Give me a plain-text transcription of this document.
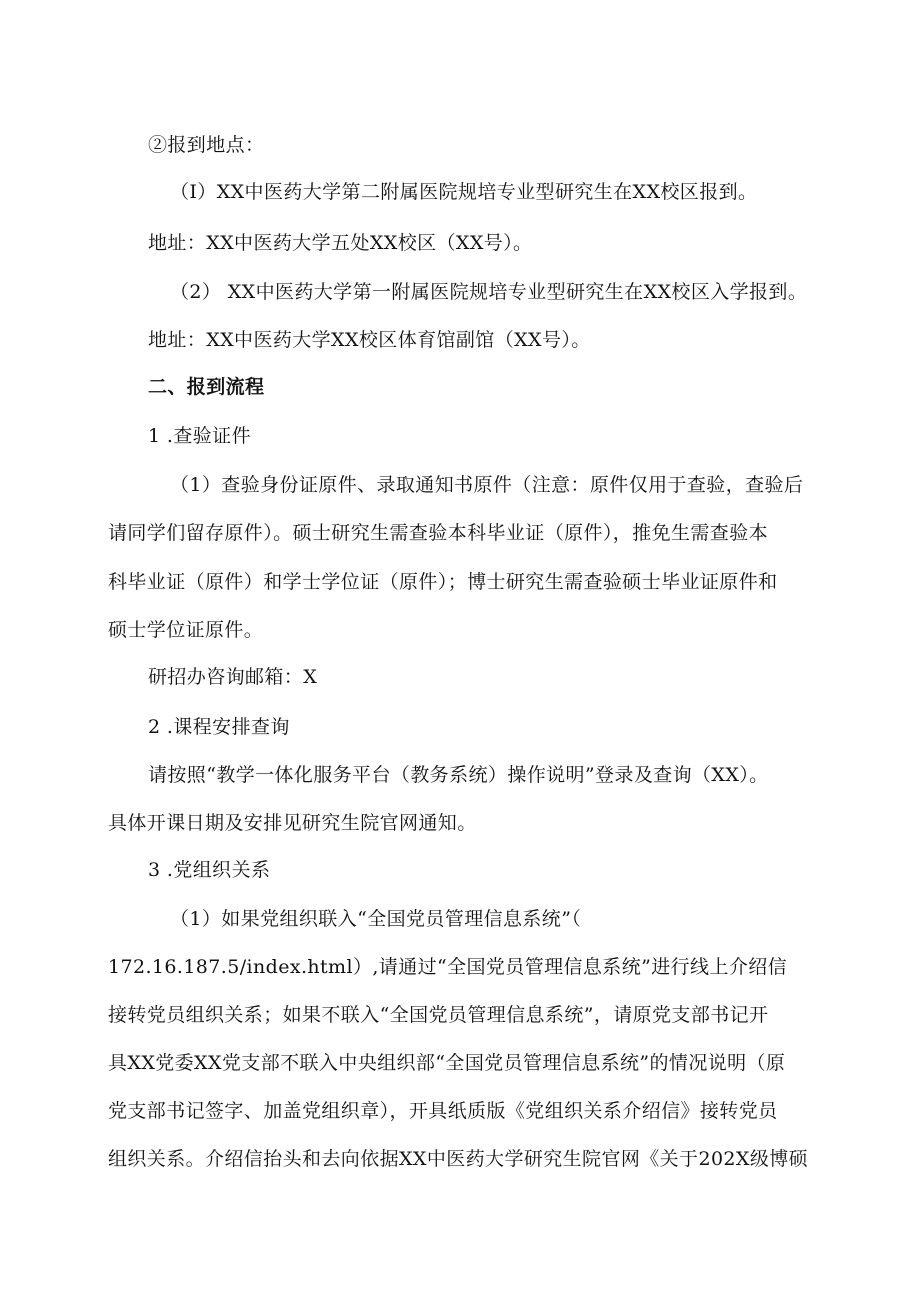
②报到地点：
（I）XX中医药大学第二附属医院规培专业型研究生在XX校区报到。
地址：XX中医药大学五处XX校区（XX号）。
（2） XX中医药大学第一附属医院规培专业型研究生在XX校区入学报到。
地址：XX中医药大学XX校区体育馆副馆（XX号）。
二、报到流程
1 .查验证件
（1）查验身份证原件、录取通知书原件（注意：原件仅用于查验，查验后
请同学们留存原件）。硕士研究生需查验本科毕业证（原件），推免生需查验本
科毕业证（原件）和学士学位证（原件）；博士研究生需查验硕士毕业证原件和
硕士学位证原件。
研招办咨询邮箱：X
2 .课程安排查询
请按照“教学一体化服务平台（教务系统）操作说明”登录及查询（XX）。
具体开课日期及安排见研究生院官网通知。
3 .党组织关系
（1）如果党组织联入“全国党员管理信息系统”（
172.16.187.5/index.html）,请通过“全国党员管理信息系统”进行线上介绍信
接转党员组织关系；如果不联入“全国党员管理信息系统”，请原党支部书记开
具XX党委XX党支部不联入中央组织部“全国党员管理信息系统”的情况说明（原
党支部书记签字、加盖党组织章），开具纸质版《党组织关系介绍信》接转党员
组织关系。介绍信抬头和去向依据XX中医药大学研究生院官网《关于202X级博硕
